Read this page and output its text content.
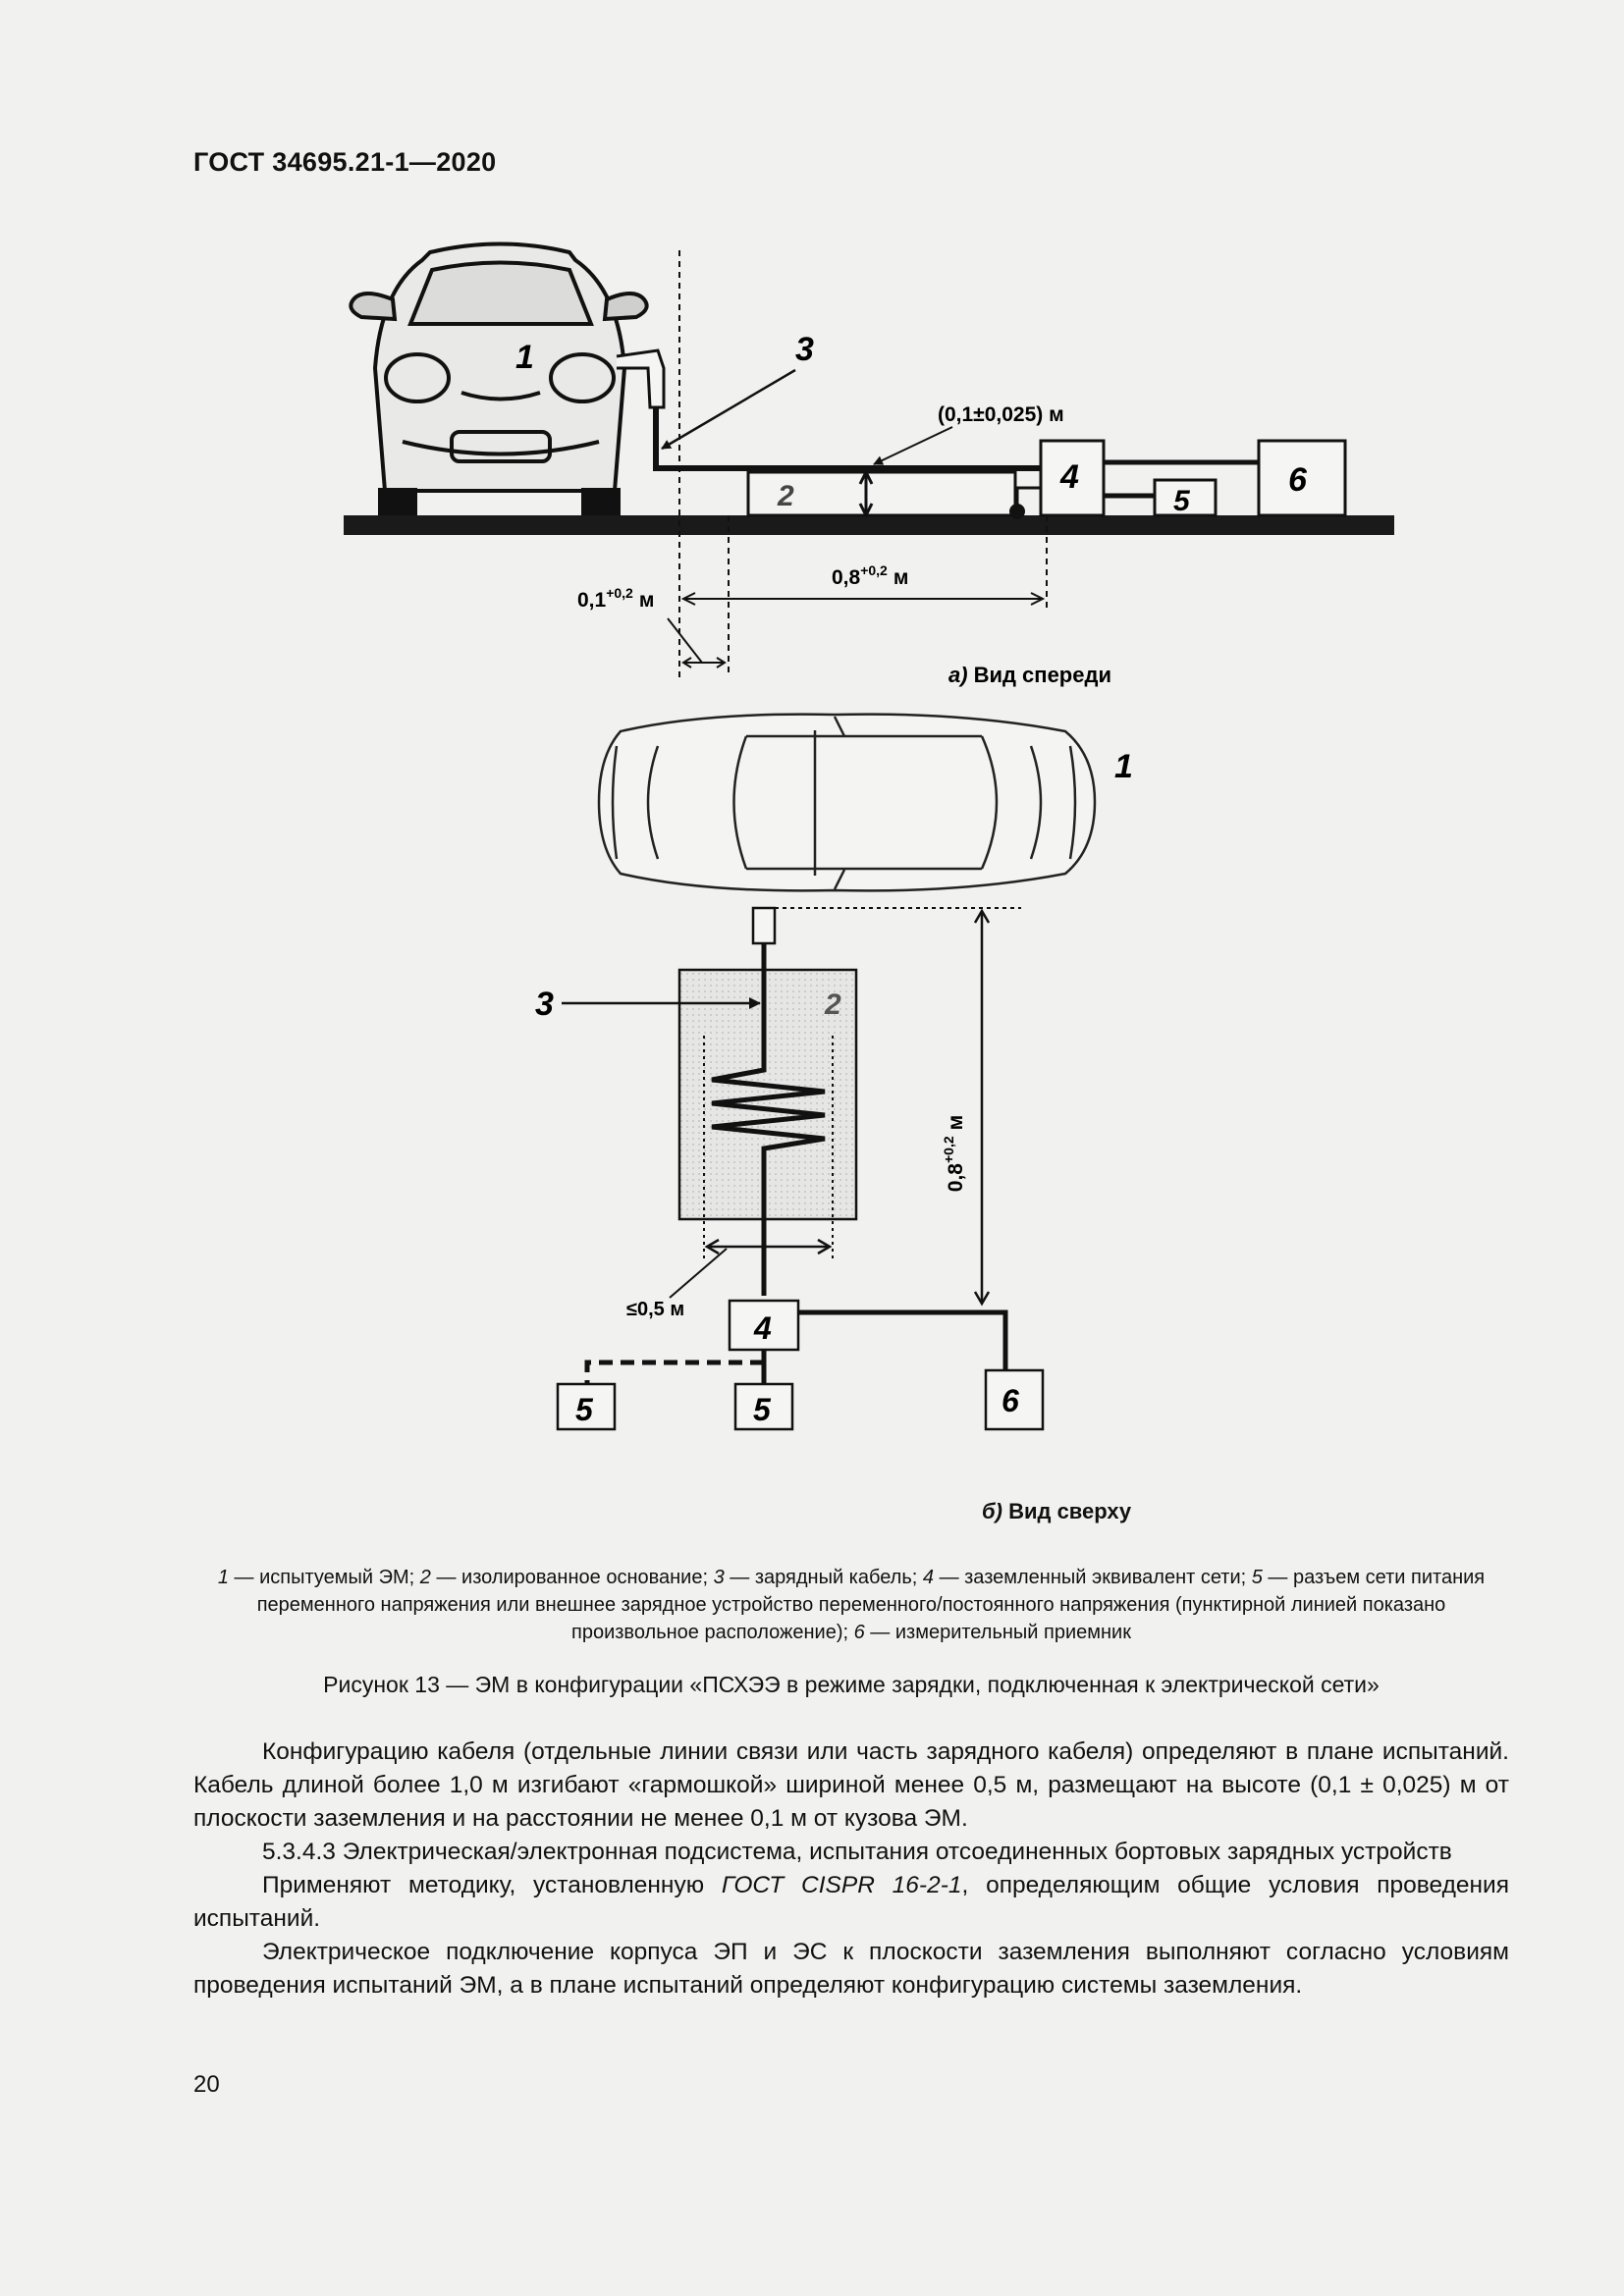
ГОСТ 34695.21-1—2020
1	3
2
4
5
6
(0,1±0,025) м
$0,8^{+0,2}$ м
$0,1^{+0,2}$ м
а) Вид спереди
1
3	2
4
5	5	6
≤0,5 м
$0,8^{+0,2}м$
б) Вид сверху
1 — испытуемый ЭМ; 2 — изолированное основание; 3 — зарядный кабель; 4 — заземленный эквивалент сети; 5 — разъем сети питания переменного напряжения или внешнее зарядное устройство переменного/постоянного напряжения (пунктирной линией показано произвольное расположение); 6 — измерительный приемник
Рисунок 13 — ЭМ в конфигурации «ПСХЭЭ в режиме зарядки, подключенная к электрической сети»

Конфигурацию кабеля (отдельные линии связи или часть зарядного кабеля) определяют в плане испытаний. Кабель длиной более 1,0 м изгибают «гармошкой» шириной менее 0,5 м, размещают на высоте (0,1 ± 0,025) м от плоскости заземления и на расстоянии не менее 0,1 м от кузова ЭМ.

5.3.4.3 Электрическая/электронная подсистема, испытания отсоединенных бортовых зарядных устройств

Применяют методику, установленную ГОСТ CISPR 16-2-1, определяющим общие условия проведения испытаний.

Электрическое подключение корпуса ЭП и ЭС к плоскости заземления выполняют согласно условиям проведения испытаний ЭМ, а в плане испытаний определяют конфигурацию системы заземления.

20
